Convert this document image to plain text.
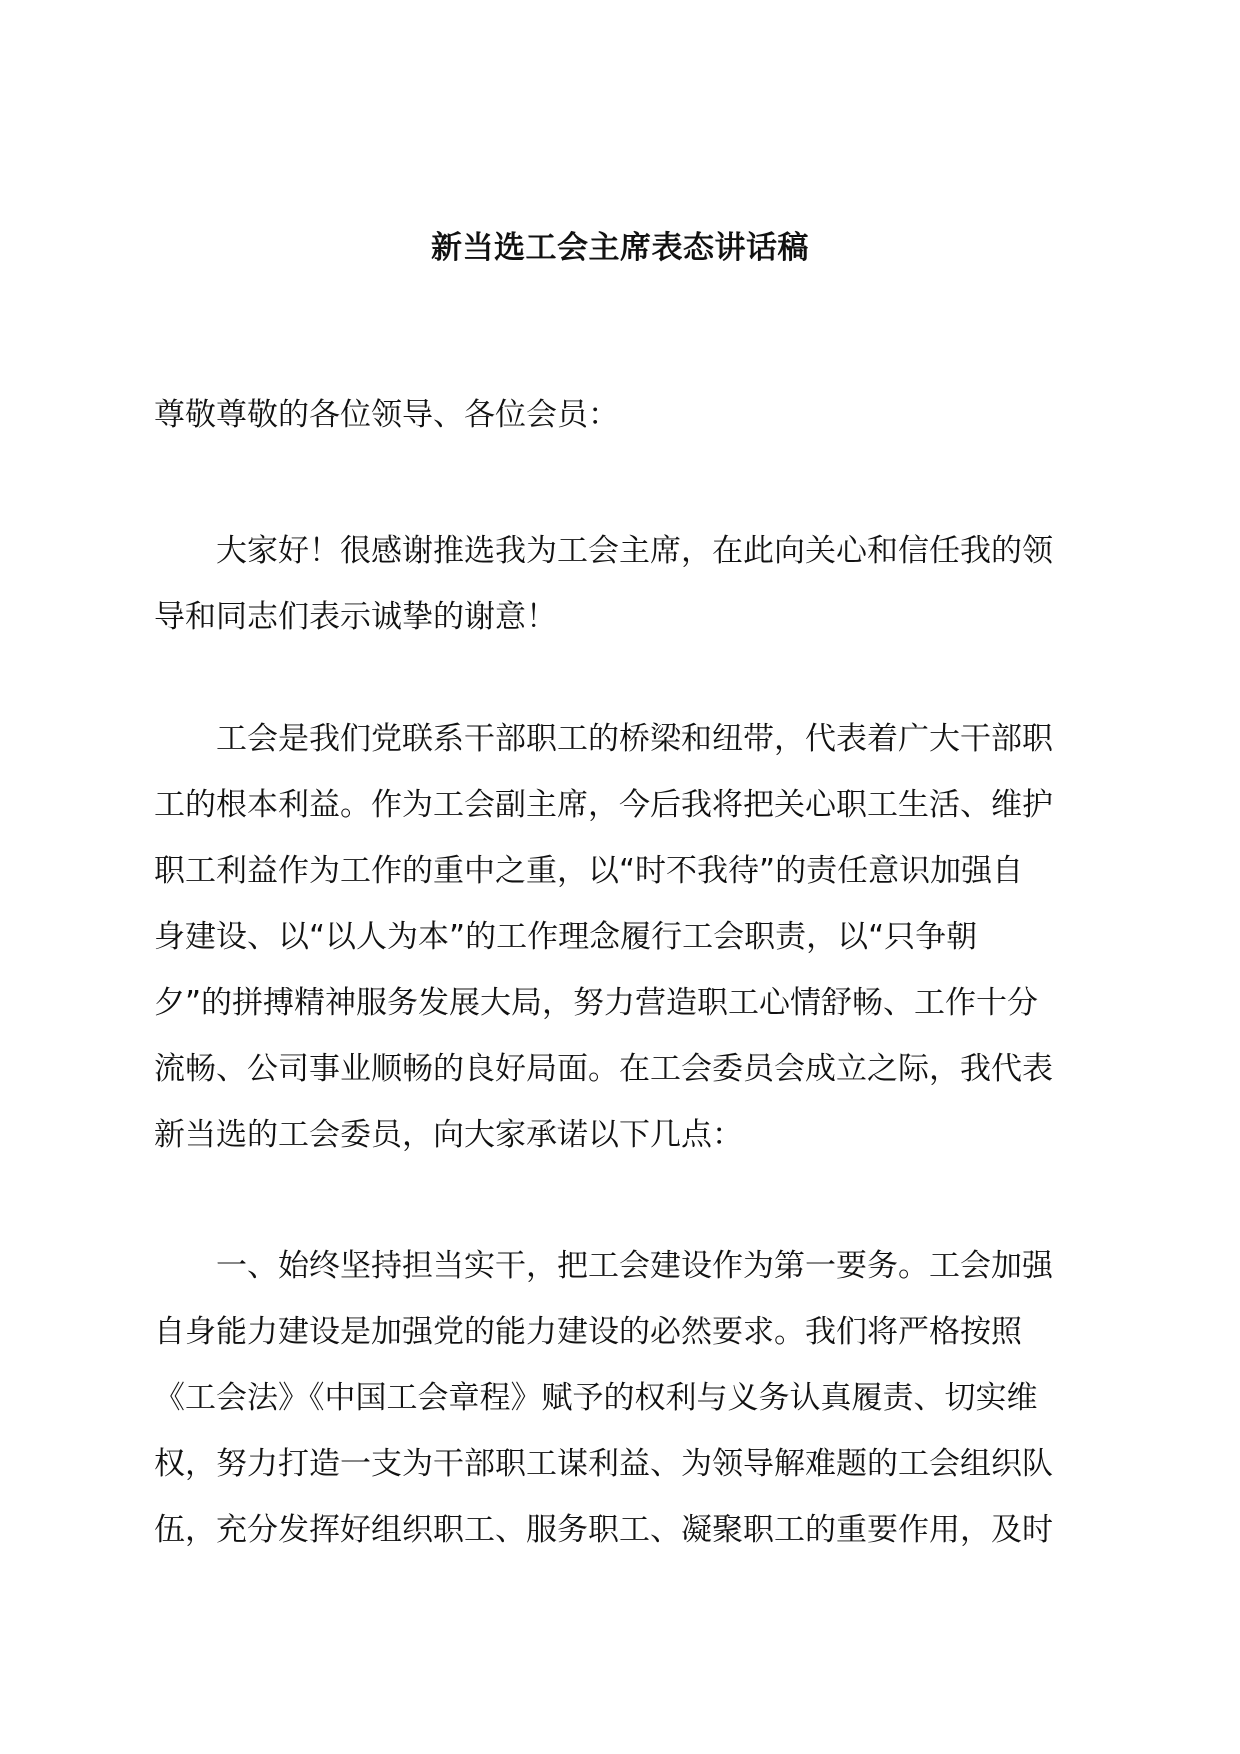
新当选工会主席表态讲话稿
尊敬尊敬的各位领导、各位会员：
大家好！很感谢推选我为工会主席，在此向关心和信任我的领
导和同志们表示诚挚的谢意！
工会是我们党联系干部职工的桥梁和纽带，代表着广大干部职
工的根本利益。作为工会副主席，今后我将把关心职工生活、维护
职工利益作为工作的重中之重，以“时不我待”的责任意识加强自
身建设、以“以人为本”的工作理念履行工会职责，以“只争朝
夕”的拼搏精神服务发展大局，努力营造职工心情舒畅、工作十分
流畅、公司事业顺畅的良好局面。在工会委员会成立之际，我代表
新当选的工会委员，向大家承诺以下几点：
一、始终坚持担当实干，把工会建设作为第一要务。工会加强
自身能力建设是加强党的能力建设的必然要求。我们将严格按照
《工会法》《中国工会章程》赋予的权利与义务认真履责、切实维
权，努力打造一支为干部职工谋利益、为领导解难题的工会组织队
伍，充分发挥好组织职工、服务职工、凝聚职工的重要作用，及时
